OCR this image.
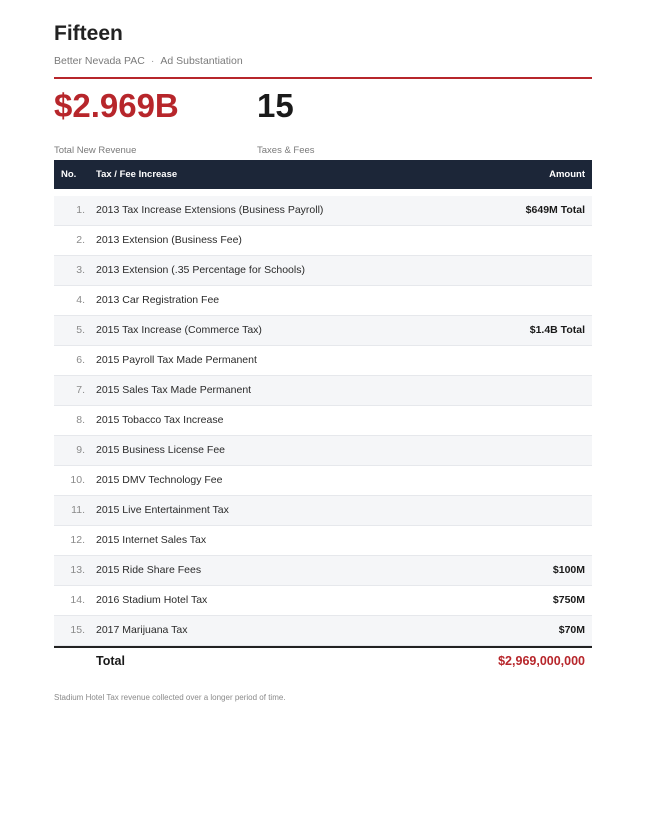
Fifteen
Better Nevada PAC · Ad Substantiation
$2.969B 15
Total New Revenue	Taxes & Fees
No. Tax / Fee Increase	Amount
1. 2013 Tax Increase Extensions (Business Payroll)	$649M Total
2. 2013 Extension (Business Fee)
3. 2013 Extension (.35 Percentage for Schools)
4. 2013 Car Registration Fee
5. 2015 Tax Increase (Commerce Tax)	$1.4B Total
6. 2015 Payroll Tax Made Permanent
7. 2015 Sales Tax Made Permanent
8. 2015 Tobacco Tax Increase
9. 2015 Business License Fee
10. 2015 DMV Technology Fee
11. 2015 Live Entertainment Tax
12. 2015 Internet Sales Tax
13. 2015 Ride Share Fees	$100M
14. 2016 Stadium Hotel Tax	$750M
15. 2017 Marijuana Tax	$70M
Total	$2,969,000,000
Stadium Hotel Tax revenue collected over a longer period of time.
